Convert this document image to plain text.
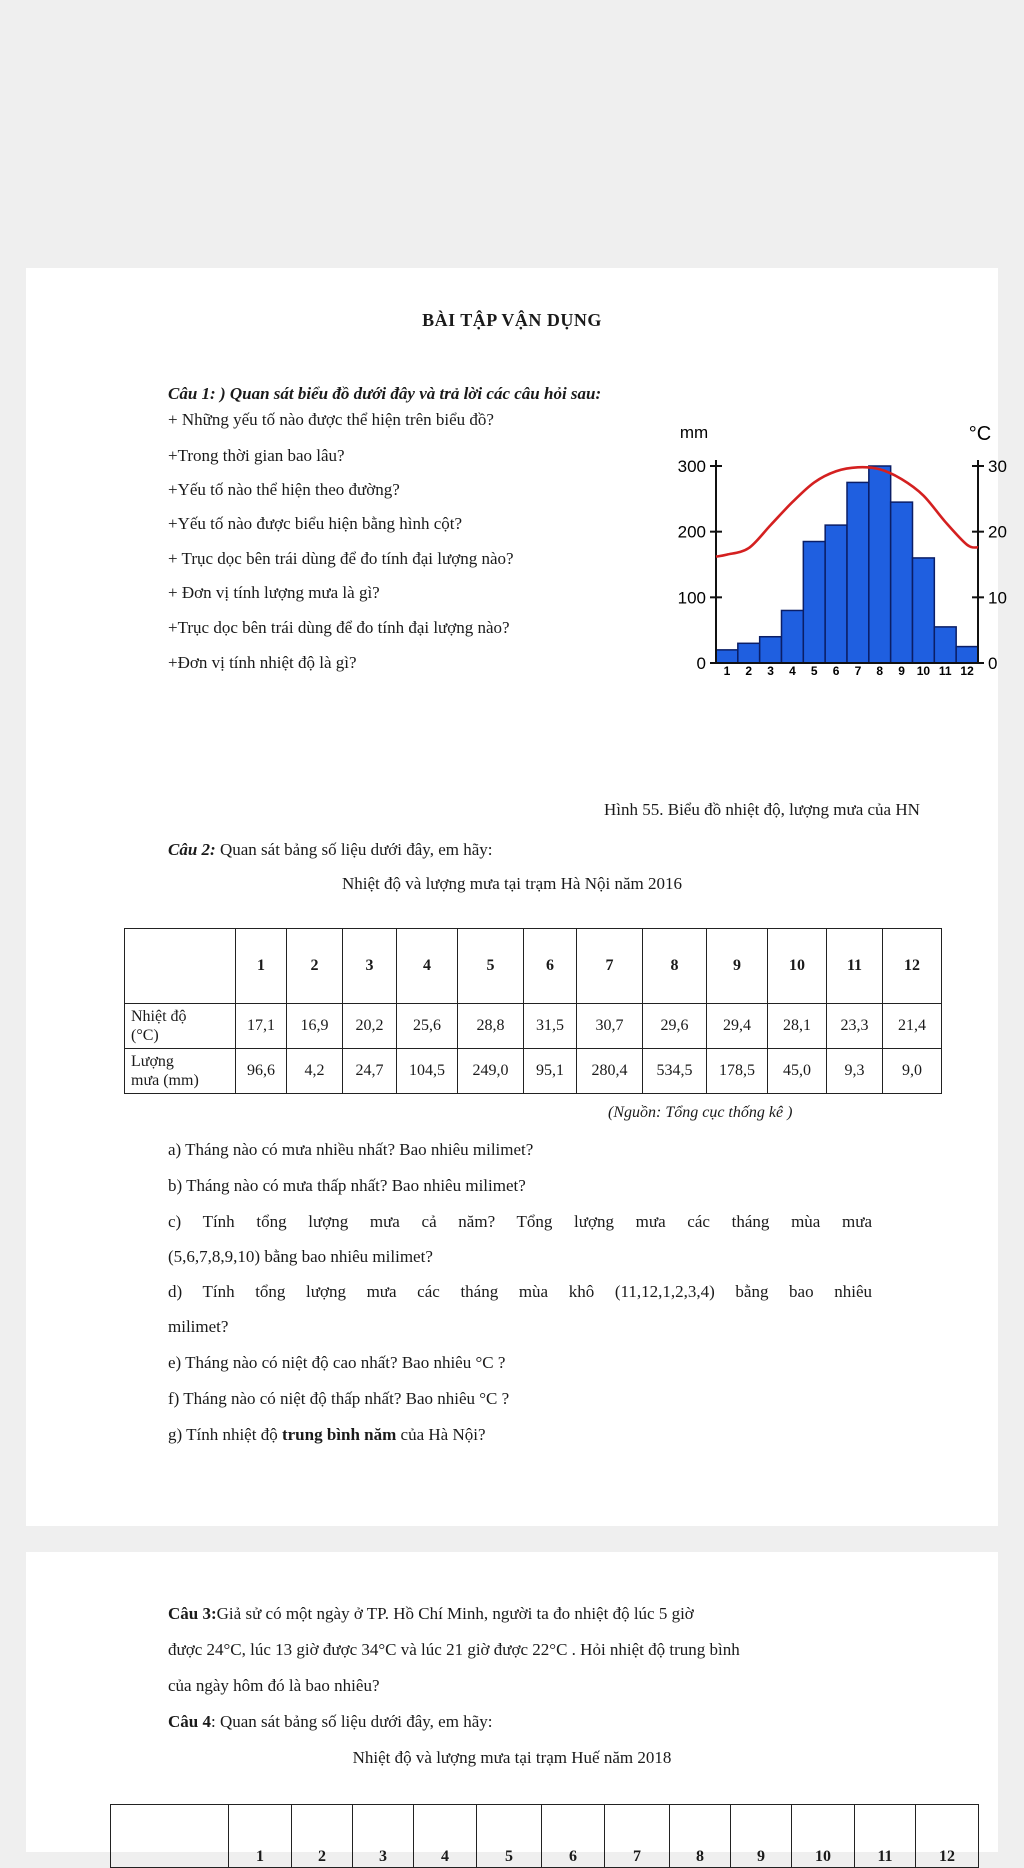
BÀI TẬP VẬN DỤNG
Câu 1: ) Quan sát biểu đồ dưới đây và trả lời các câu hỏi sau:
+ Những yếu tố nào được thể hiện trên biểu đồ?
+Trong thời gian bao lâu?
+Yếu tố nào thể hiện theo đường?
+Yếu tố nào được biểu hiện bằng hình cột?
+ Trục dọc bên trái dùng để đo tính đại lượng nào?
+ Đơn vị tính lượng mưa là gì?
+Trục dọc bên trái dùng để đo tính đại lượng nào?
+Đơn vị tính nhiệt độ là gì?	0
100
200
300
0
10
20
30
mm	°C
1 2 3 4 5 6 7 8 9 10 11 12
Hình 55. Biểu đồ nhiệt độ, lượng mưa của HN
Câu 2: Quan sát bảng số liệu dưới đây, em hãy:
Nhiệt độ và lượng mưa tại trạm Hà Nội năm 2016
	1	2	3	4	5	6	7	8	9	10	11	12
Nhiệt độ
(°C)	17,1	16,9	20,2	25,6	28,8	31,5	30,7	29,6	29,4	28,1	23,3	21,4
Lượng
mưa (mm)	96,6	4,2	24,7	104,5	249,0	95,1	280,4	534,5	178,5	45,0	9,3	9,0
(Nguồn: Tổng cục thống kê )
a) Tháng nào có mưa nhiều nhất? Bao nhiêu milimet?
b) Tháng nào có mưa thấp nhất? Bao nhiêu milimet?
c) Tính tổng lượng mưa cả năm? Tổng lượng mưa các tháng mùa mưa
(5,6,7,8,9,10) bằng bao nhiêu milimet?
d) Tính tổng lượng mưa các tháng mùa khô (11,12,1,2,3,4) bằng bao nhiêu
milimet?
e) Tháng nào có niệt độ cao nhất? Bao nhiêu °C ?
f) Tháng nào có niệt độ thấp nhất? Bao nhiêu °C ?
g) Tính nhiệt độ trung bình năm của Hà Nội?
Câu 3:Giả sử có một ngày ở TP. Hồ Chí Minh, người ta đo nhiệt độ lúc 5 giờ
được 24°C, lúc 13 giờ được 34°C và lúc 21 giờ được 22°C . Hỏi nhiệt độ trung bình
của ngày hôm đó là bao nhiêu?
Câu 4: Quan sát bảng số liệu dưới đây, em hãy:
Nhiệt độ và lượng mưa tại trạm Huế năm 2018
	1	2	3	4	5	6	7	8	9	10	11	12
